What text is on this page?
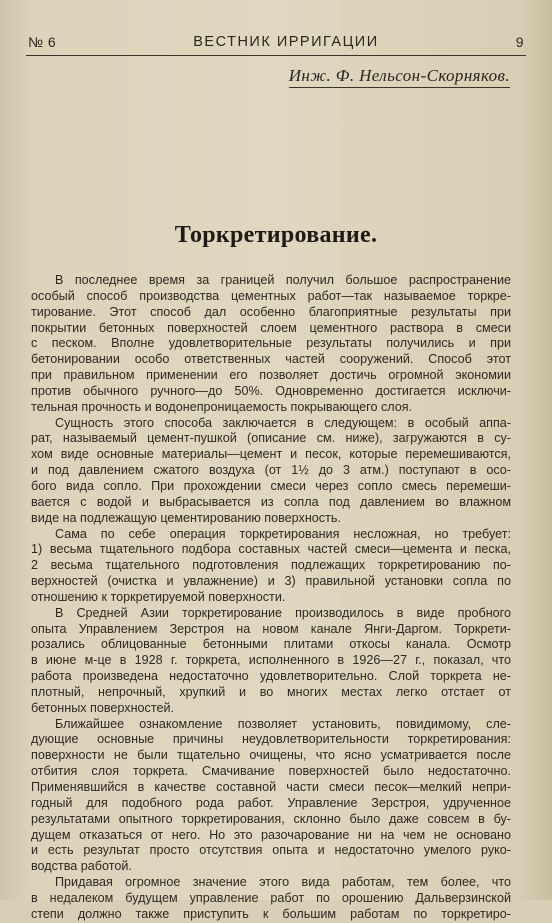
№ 6	ВЕСТНИК ИРРИГАЦИИ	9
Инж. Ф. Нельсон-Скорняков.
Торкретирование.
В последнее время за границей получил большое распространение
особый способ производства цементных работ—так называемое торкре-
тирование. Этот способ дал особенно благоприятные результаты при
покрытии бетонных поверхностей слоем цементного раствора в смеси
с песком. Вполне удовлетворительные результаты получились и при
бетонировании особо ответственных частей сооружений. Способ этот
при правильном применении его позволяет достичь огромной экономии
против обычного ручного—до 50%. Одновременно достигается исключи-
тельная прочность и водонепроницаемость покрывающего слоя.
Сущность этого способа заключается в следующем: в особый аппа-
рат, называемый цемент-пушкой (описание см. ниже), загружаются в су-
хом виде основные материалы—цемент и песок, которые перемешиваются,
и под давлением сжатого воздуха (от 1½ до 3 атм.) поступают в осо-
бого вида сопло. При прохождении смеси через сопло смесь перемеши-
вается с водой и выбрасывается из сопла под давлением во влажном
виде на подлежащую цементированию поверхность.
Сама по себе операция торкретирования несложная, но требует:
1) весьма тщательного подбора составных частей смеси—цемента и песка,
2 весьма тщательного подготовления подлежащих торкретированию по-
верхностей (очистка и увлажнение) и 3) правильной установки сопла по
отношению к торкретируемой поверхности.
В Средней Азии торкретирование производилось в виде пробного
опыта Управлением Зерстроя на новом канале Янги-Даргом. Торкрети-
розались облицованные бетонными плитами откосы канала. Осмотр
в июне м-це в 1928 г. торкрета, исполненного в 1926—27 г., показал, что
работа произведена недостаточно удовлетворительно. Слой торкрета не-
плотный, непрочный, хрупкий и во многих местах легко отстает от
бетонных поверхностей.
Ближайшее ознакомление позволяет установить, повидимому, сле-
дующие основные причины неудовлетворительности торкретирования:
поверхности не были тщательно очищены, что ясно усматривается после
отбития слоя торкрета. Смачивание поверхностей было недостаточно.
Применявшийся в качестве составной части смеси песок—мелкий непри-
годный для подобного рода работ. Управление Зерстроя, удрученное
результатами опытного торкретирования, склонно было даже совсем в бу-
дущем отказаться от него. Но это разочарование ни на чем не основано
и есть результат просто отсутствия опыта и недостаточно умелого руко-
водства работой.
Придавая огромное значение этого вида работам, тем более, что
в недалеком будущем управление работ по орошению Дальверзинской
степи должно также приступить к большим работам по торкретиро-
